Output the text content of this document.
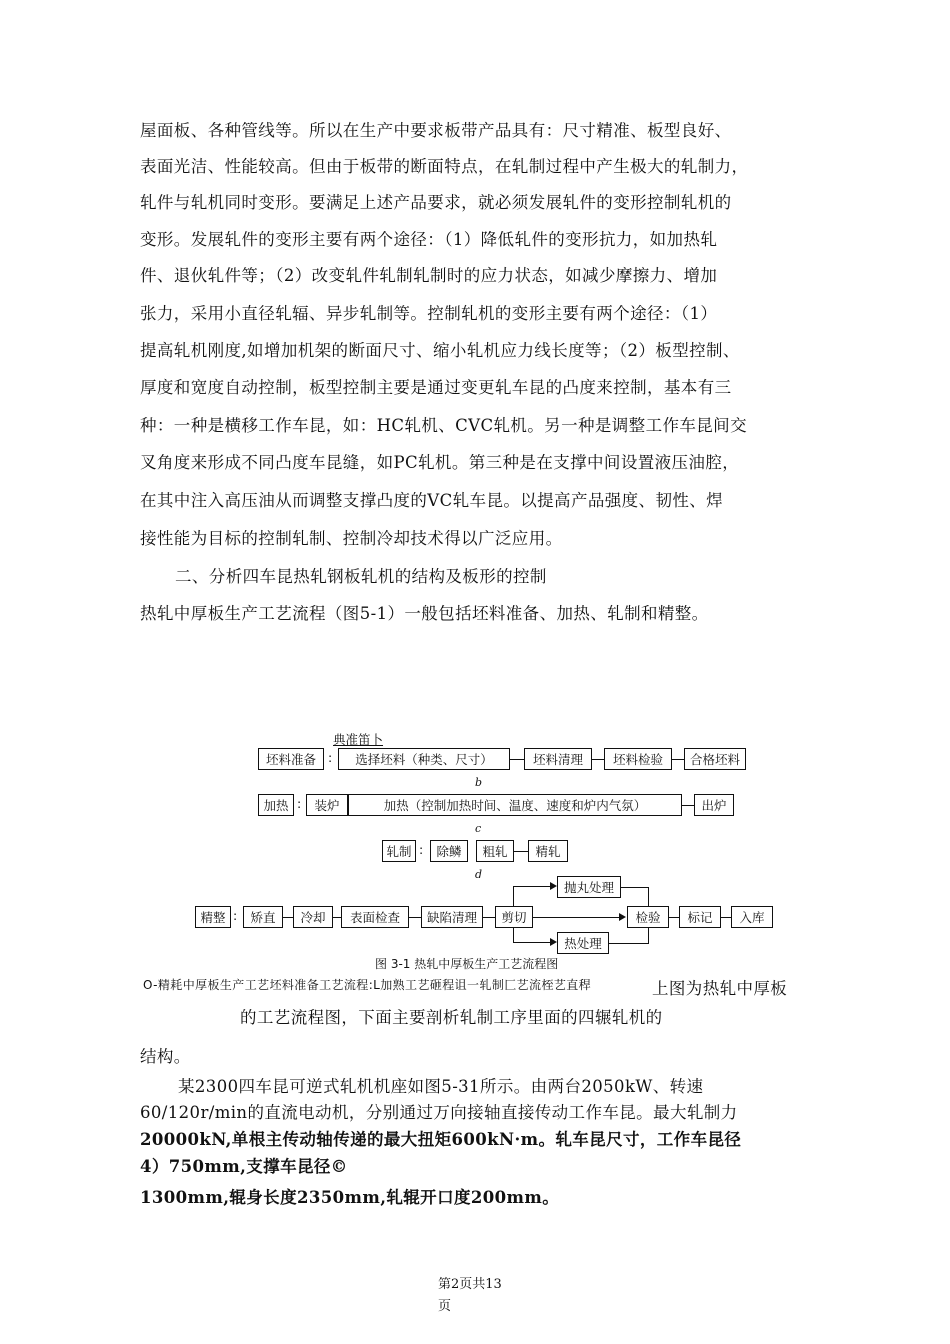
屋面板、各种管线等。所以在生产中要求板带产品具有：尺寸精准、板型良好、
表面光洁、性能较高。但由于板带的断面特点，在轧制过程中产生极大的轧制力，
轧件与轧机同时变形。要满足上述产品要求，就必须发展轧件的变形控制轧机的
变形。发展轧件的变形主要有两个途径：（1）降低轧件的变形抗力，如加热轧
件、退伙轧件等；（2）改变轧件轧制轧制时的应力状态，如减少摩擦力、增加
张力，采用小直径轧辐、异步轧制等。控制轧机的变形主要有两个途径：（1）
提高轧机刚度,如增加机架的断面尺寸、缩小轧机应力线长度等；（2）板型控制、
厚度和宽度自动控制，板型控制主要是通过变更轧车昆的凸度来控制，基本有三
种：一种是横移工作车昆，如：HC轧机、CVC轧机。另一种是调整工作车昆间交
叉角度来形成不同凸度车昆缝，如PC轧机。第三种是在支撑中间设置液压油腔，
在其中注入高压油从而调整支撑凸度的VC轧车昆。以提高产品强度、韧性、焊
接性能为目标的控制轧制、控制冷却技术得以广泛应用。
二、分析四车昆热轧钢板轧机的结构及板形的控制
热轧中厚板生产工艺流程（图5-1）一般包括坯料准备、加热、轧制和精整。
典准笛卜
坯料准备 :	选择坯料（种类、尺寸）	坯料清理	坯料检验	合格坯料
b
加热 :	装炉	加热（控制加热时间、温度、速度和炉内气氛）	出炉
c
轧制 :	除鳞	粗轧	精轧
d
精整 :	矫直	冷却	表面检查	缺陷清理	剪切
抛丸处理
热处理
检验	标记	入库
图 3-1 热轧中厚板生产工艺流程图
O-精耗中厚板生产工艺坯料准备工艺流程:L加熟工艺砸程诅一轧制匚艺流桎艺直稈	上图为热轧中厚板
的工艺流程图，下面主要剖析轧制工序里面的四辗轧机的
结构。
某2300四车昆可逆式轧机机座如图5-31所示。由两台2050kW、转速
60/120r/min的直流电动机，分别通过万向接轴直接传动工作车昆。最大轧制力
20000kN,单根主传动轴传递的最大扭矩600kN·m。轧车昆尺寸，工作车昆径
4）750mm,支撑车昆径©
1300mm,辊身长度2350mm,轧辊开口度200mm。
第2页共13
页
